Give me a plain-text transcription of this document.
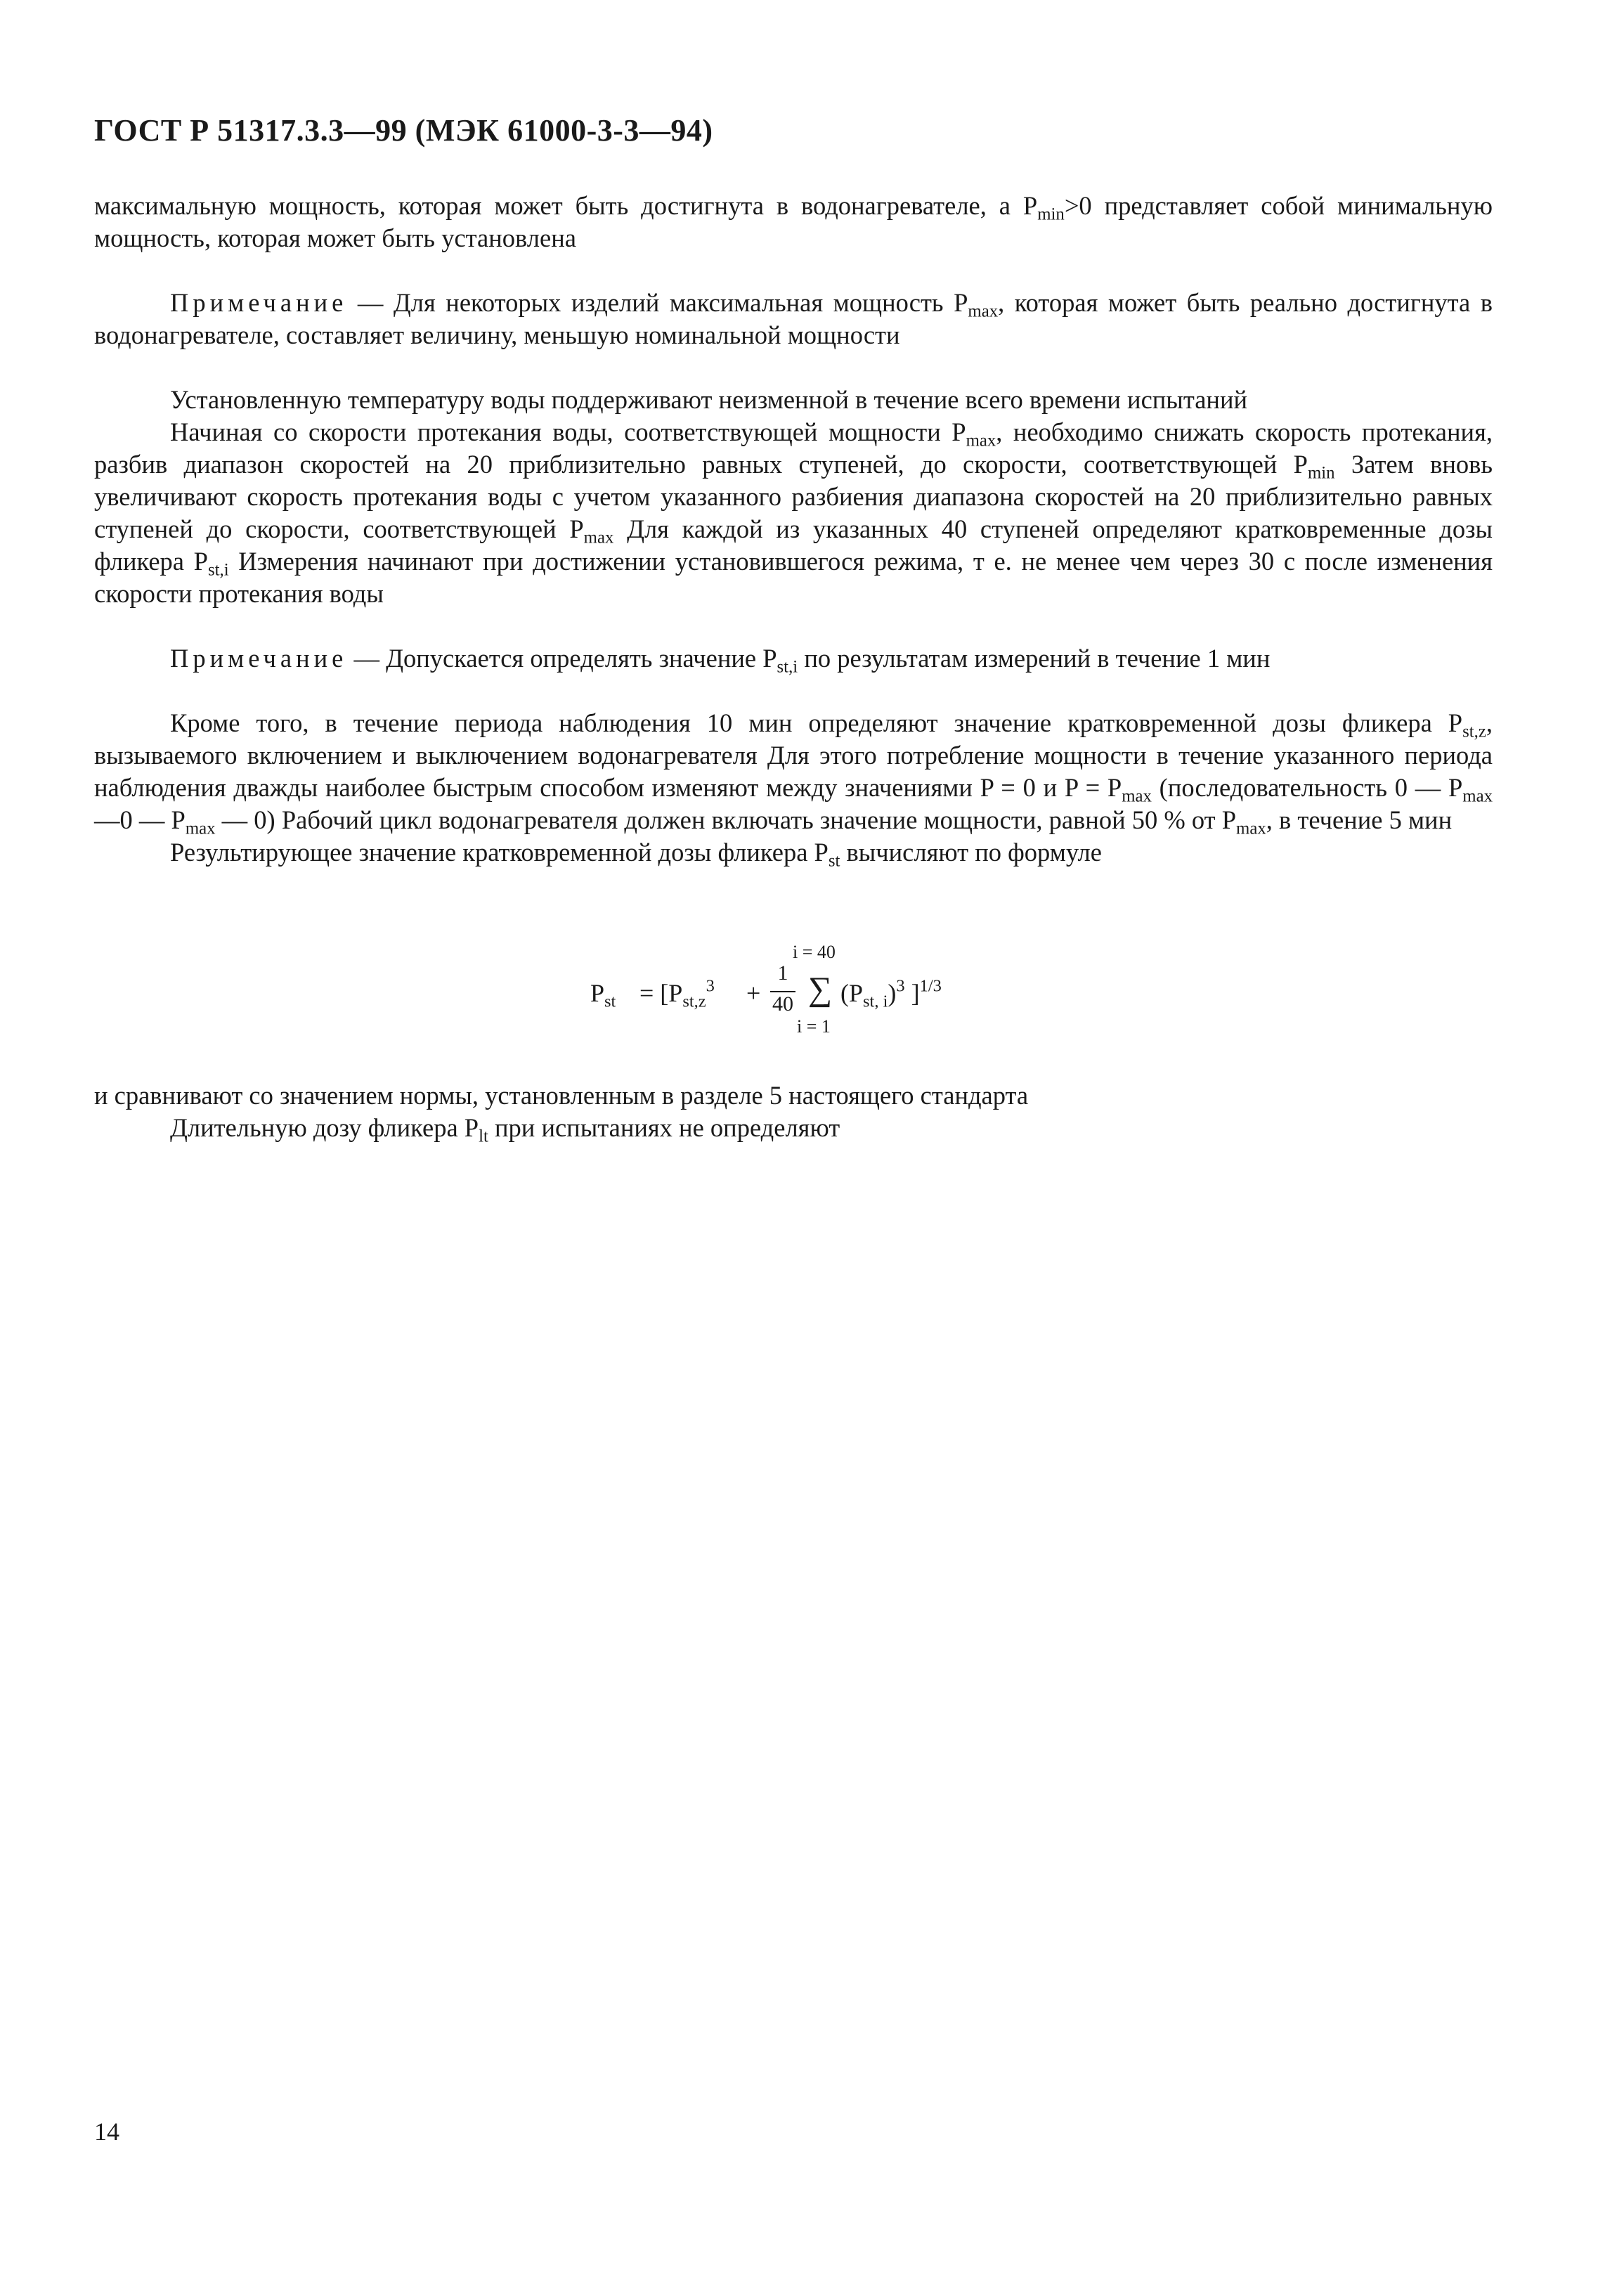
ГОСТ Р 51317.3.3—99 (МЭК 61000-3-3—94)

максимальную мощность, которая может быть достигнута в водонагревателе, а $P_{min}>0$ представляет собой минимальную мощность, которая может быть установлена

Примечание — Для некоторых изделий максимальная мощность $P_{max}$, которая может быть реально достигнута в водонагревателе, составляет величину, меньшую номинальной мощности

Установленную температуру воды поддерживают неизменной в течение всего времени испытаний

Начиная со скорости протекания воды, соответствующей мощности $P_{max}$, необходимо снижать скорость протекания, разбив диапазон скоростей на 20 приблизительно равных ступеней, до скорости, соответствующей $P_{min}$ Затем вновь увеличивают скорость протекания воды с учетом указанного разбиения диапазона скоростей на 20 приблизительно равных ступеней до скорости, соответствующей $P_{max}$ Для каждой из указанных 40 ступеней определяют кратковременные дозы фликера $P_{st,i}$ Измерения начинают при достижении установившегося режима, т е. не менее чем через 30 с после изменения скорости протекания воды

Примечание — Допускается определять значение $P_{st,i}$ по результатам измерений в течение 1 мин

Кроме того, в течение периода наблюдения 10 мин определяют значение кратковременной дозы фликера $P_{st,z}$, вызываемого включением и выключением водонагревателя Для этого потребление мощности в течение указанного периода наблюдения дважды наиболее быстрым способом изменяют между значениями P = 0 и $P = P_{max}$ (последовательность 0 — $P_{max}—0$ — $P_{max}$ — 0) Рабочий цикл водонагревателя должен включать значение мощности, равной 50 % от $P_{max}$, в течение 5 мин

Результирующее значение кратковременной дозы фликера $P_{st}$ вычисляют по формуле

$P_{st} = [P_{st,z}^3$ +
1
40
i = 40
∑
i = 1
$(P_{st, i})^3$ ]$^{1/3}$

и сравнивают со значением нормы, установленным в разделе 5 настоящего стандарта

Длительную дозу фликера $P_{lt}$ при испытаниях не определяют

14
